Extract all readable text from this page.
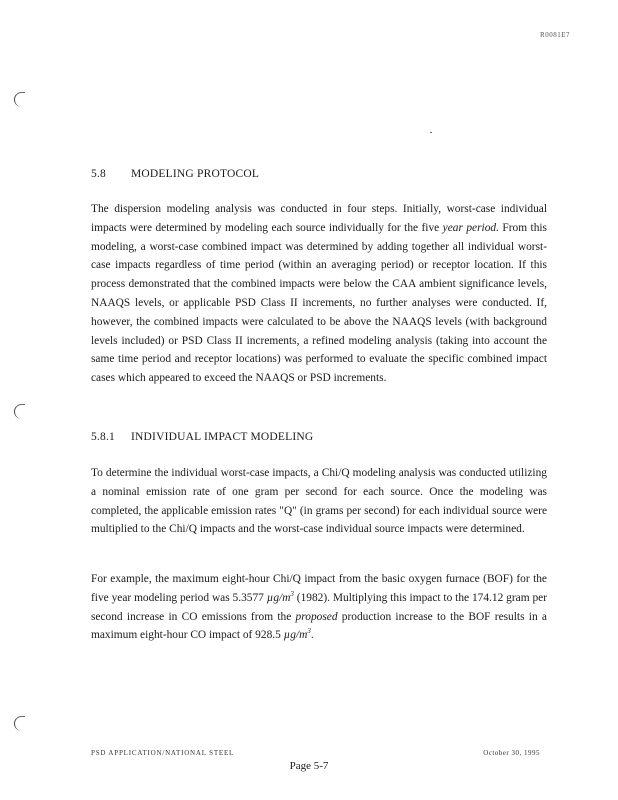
R0081E7
5.8 MODELING PROTOCOL

The dispersion modeling analysis was conducted in four steps. Initially, worst-case individual impacts were determined by modeling each source individually for the five year period. From this modeling, a worst-case combined impact was determined by adding together all individual worst-case impacts regardless of time period (within an averaging period) or receptor location. If this process demonstrated that the combined impacts were below the CAA ambient significance levels, NAAQS levels, or applicable PSD Class II increments, no further analyses were conducted. If, however, the combined impacts were calculated to be above the NAAQS levels (with background levels included) or PSD Class II increments, a refined modeling analysis (taking into account the same time period and receptor locations) was performed to evaluate the specific combined impact cases which appeared to exceed the NAAQS or PSD increments.

5.8.1 INDIVIDUAL IMPACT MODELING

To determine the individual worst-case impacts, a Chi/Q modeling analysis was conducted utilizing a nominal emission rate of one gram per second for each source. Once the modeling was completed, the applicable emission rates "Q" (in grams per second) for each individual source were multiplied to the Chi/Q impacts and the worst-case individual source impacts were determined.

For example, the maximum eight-hour Chi/Q impact from the basic oxygen furnace (BOF) for the five year modeling period was 5.3577 $\mu g/m^3$ (1982). Multiplying this impact to the 174.12 gram per second increase in CO emissions from the proposed production increase to the BOF results in a maximum eight-hour CO impact of 928.5 $\mu g/m^3$.

PSD APPLICATION/NATIONAL STEEL	October 30, 1995
Page 5-7
